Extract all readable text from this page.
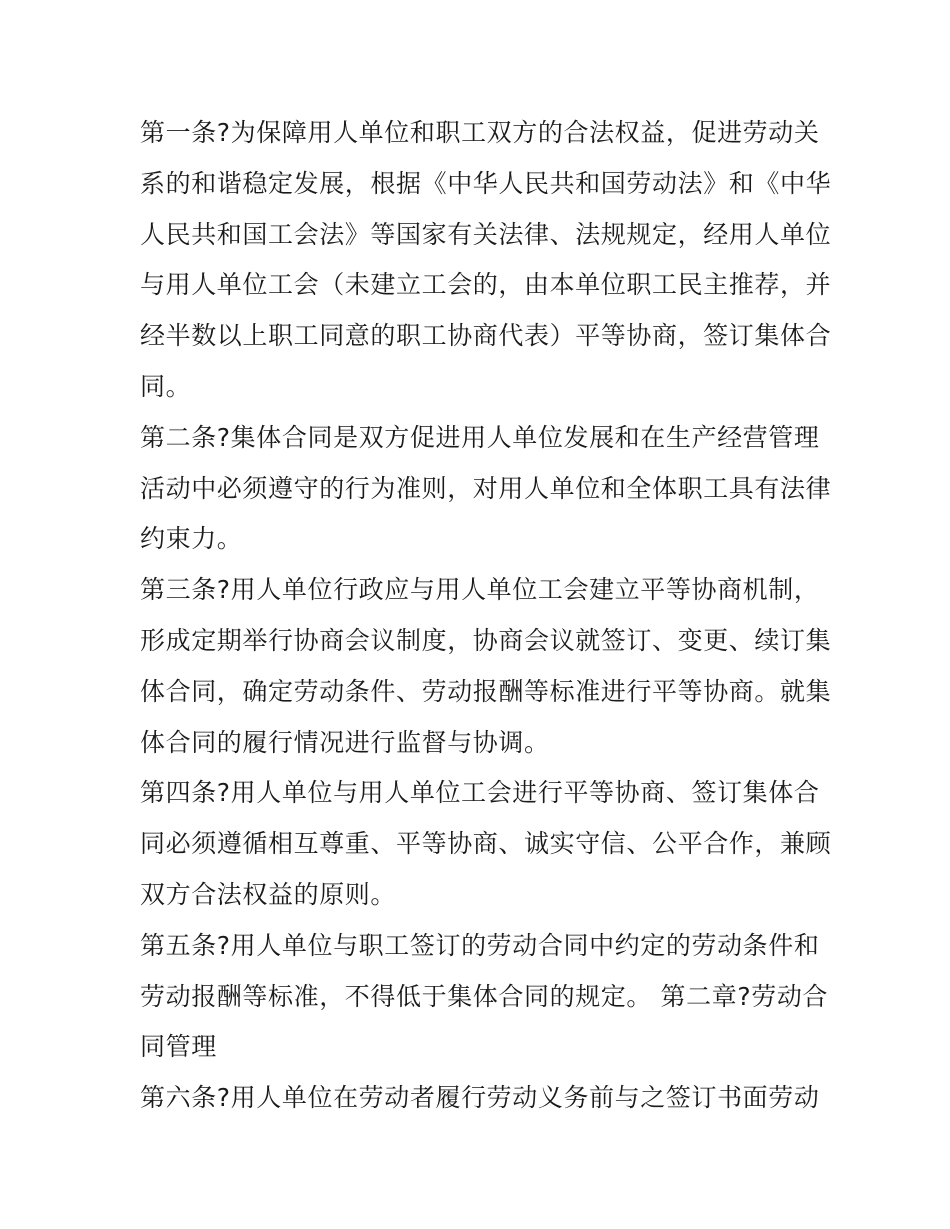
第一条?为保障用人单位和职工双方的合法权益，促进劳动关
系的和谐稳定发展，根据《中华人民共和国劳动法》和《中华
人民共和国工会法》等国家有关法律、法规规定，经用人单位
与用人单位工会（未建立工会的，由本单位职工民主推荐，并
经半数以上职工同意的职工协商代表）平等协商，签订集体合
同。

第二条?集体合同是双方促进用人单位发展和在生产经营管理
活动中必须遵守的行为准则，对用人单位和全体职工具有法律
约束力。

第三条?用人单位行政应与用人单位工会建立平等协商机制，
形成定期举行协商会议制度，协商会议就签订、变更、续订集
体合同，确定劳动条件、劳动报酬等标准进行平等协商。就集
体合同的履行情况进行监督与协调。

第四条?用人单位与用人单位工会进行平等协商、签订集体合
同必须遵循相互尊重、平等协商、诚实守信、公平合作，兼顾
双方合法权益的原则。

第五条?用人单位与职工签订的劳动合同中约定的劳动条件和
劳动报酬等标准，不得低于集体合同的规定。 第二章?劳动合
同管理

第六条?用人单位在劳动者履行劳动义务前与之签订书面劳动
